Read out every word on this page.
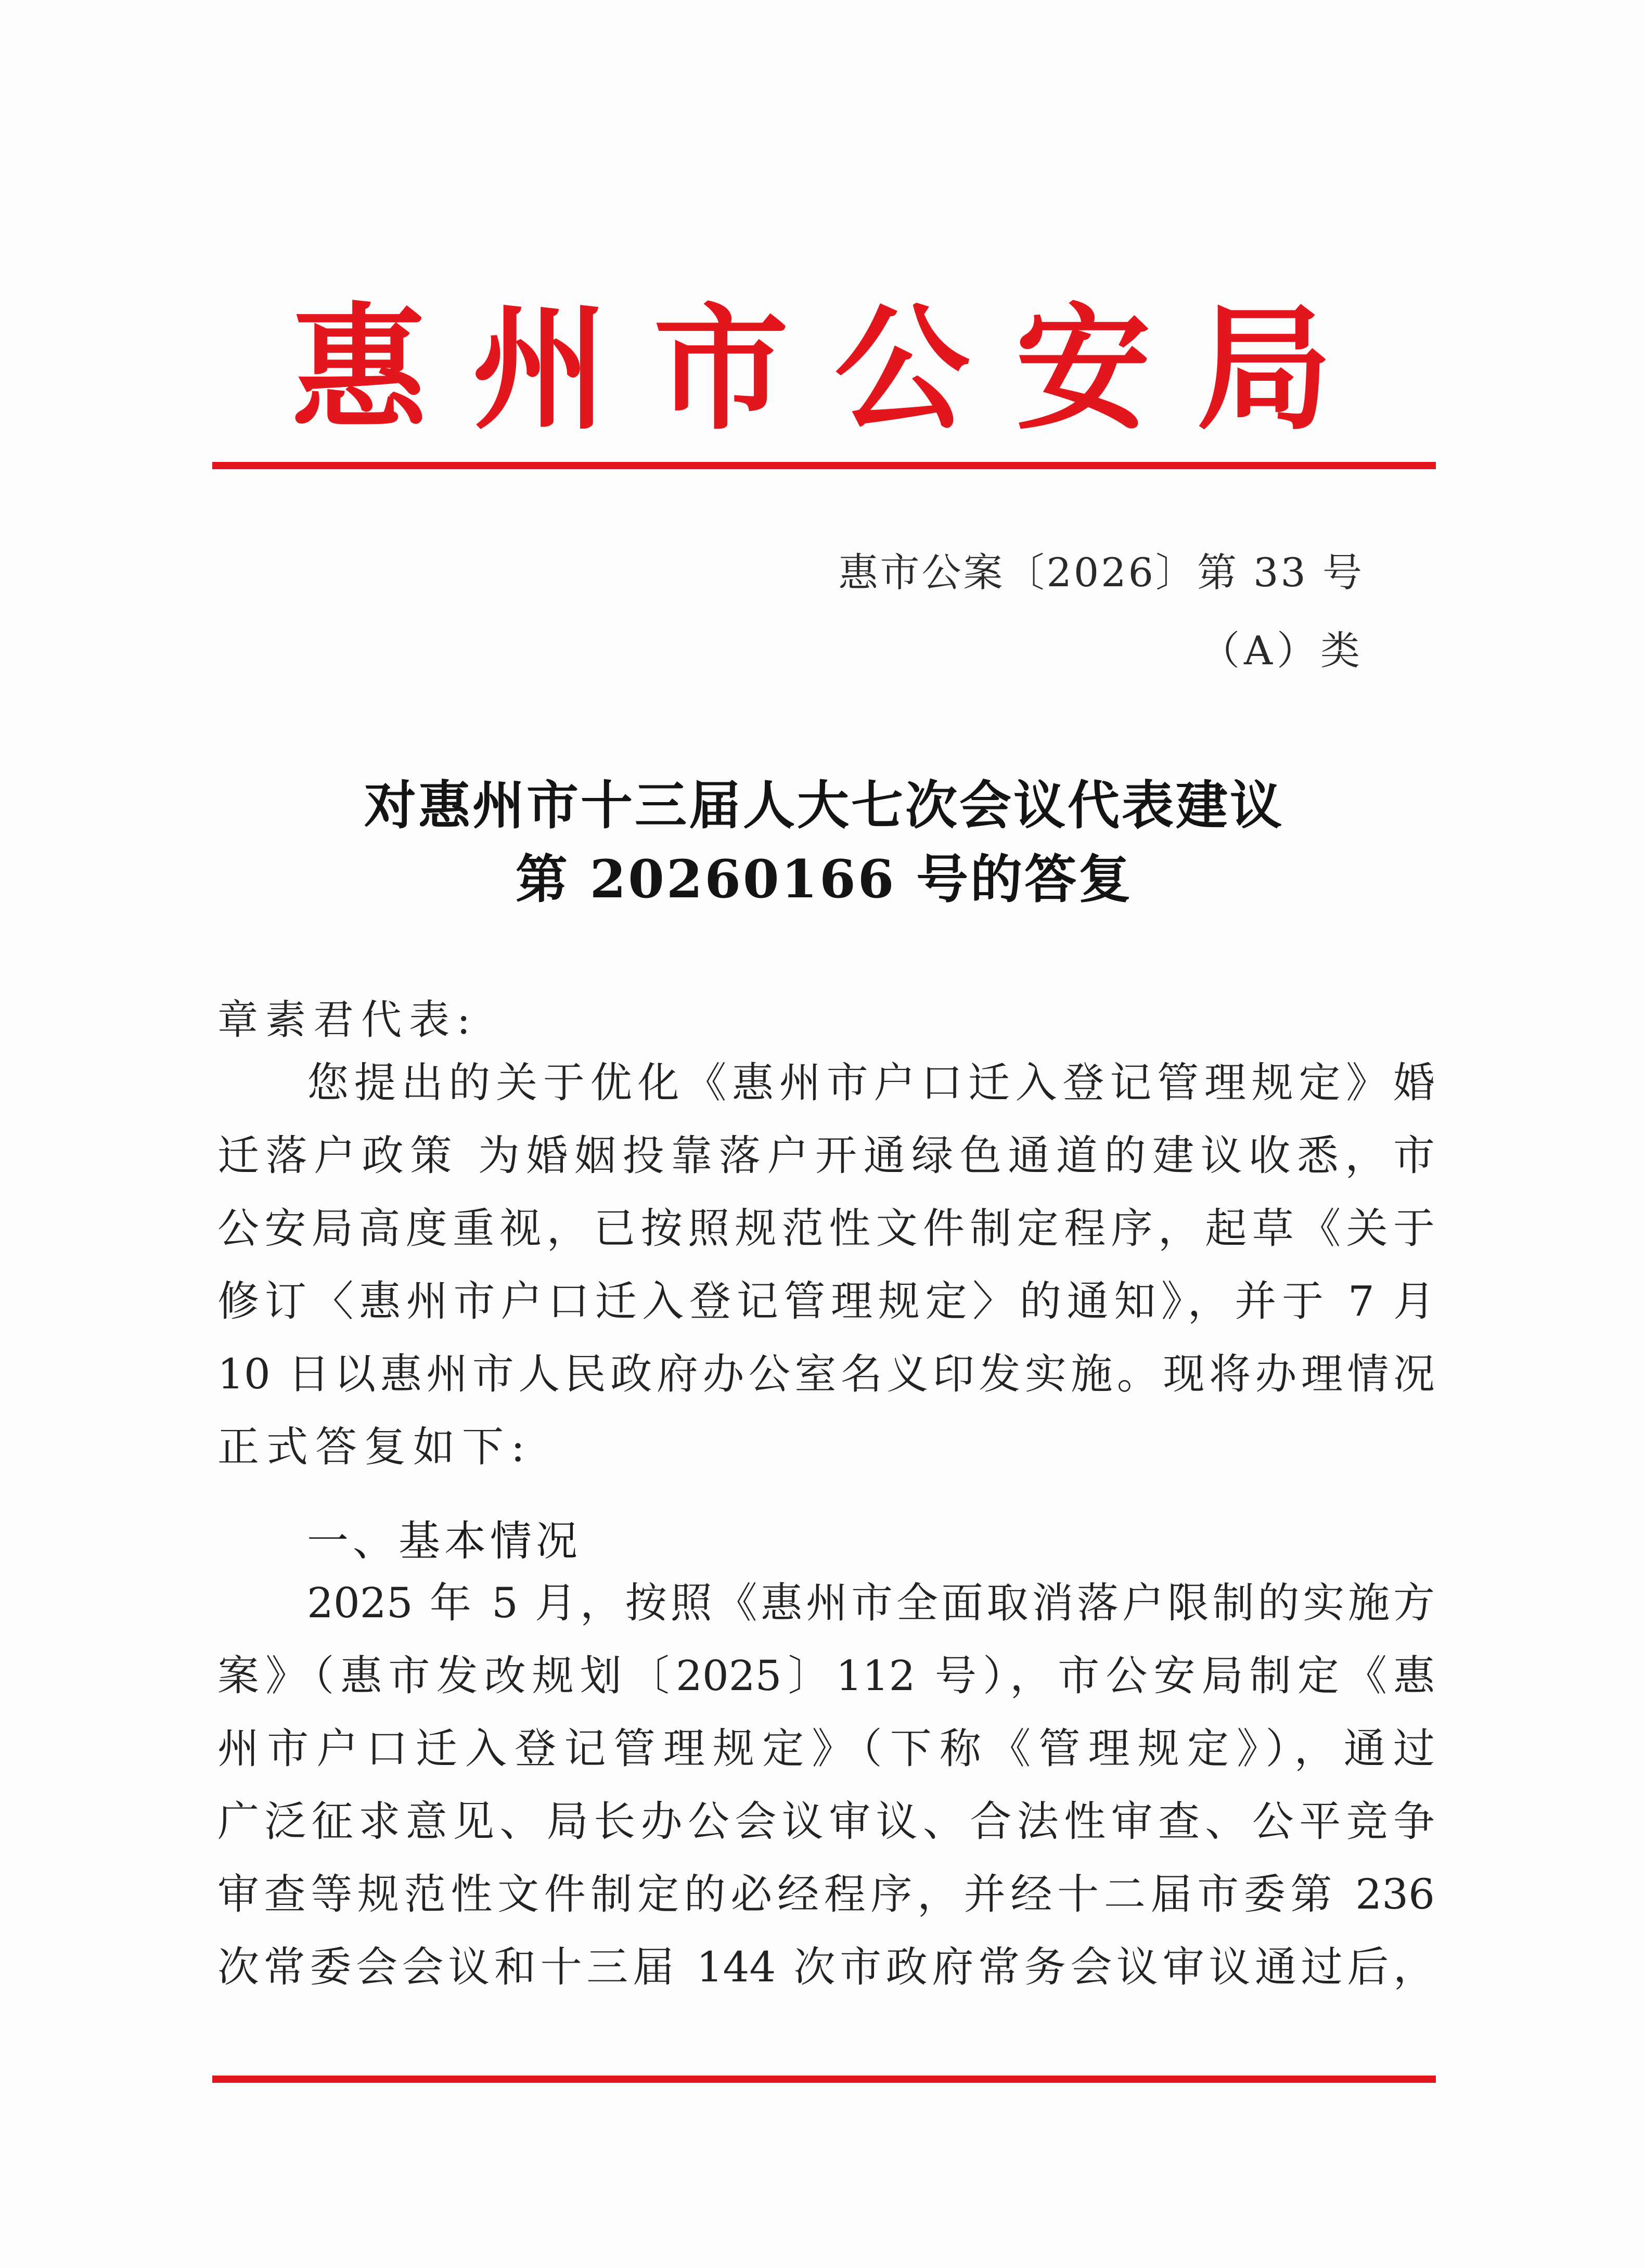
惠 州 市 公 安 局
惠市公案〔2026〕第 33 号
（A）类
对惠州市十三届人大七次会议代表建议
第 20260166 号的答复
章素君代表:
您提出的关于优化《惠州市户口迁入登记管理规定》婚
迁落户政策 为婚姻投靠落户开通绿色通道的建议收悉，市
公安局高度重视，已按照规范性文件制定程序，起草《关于
修订〈惠州市户口迁入登记管理规定〉的通知》，并于 7 月
10 日以惠州市人民政府办公室名义印发实施。现将办理情况
正式答复如下:
一、基本情况
2025 年 5 月，按照《惠州市全面取消落户限制的实施方
案》（惠市发改规划〔2025〕112 号），市公安局制定《惠
州市户口迁入登记管理规定》（下称《管理规定》），通过
广泛征求意见、局长办公会议审议、合法性审查、公平竞争
审查等规范性文件制定的必经程序，并经十二届市委第 236
次常委会会议和十三届 144 次市政府常务会议审议通过后，
